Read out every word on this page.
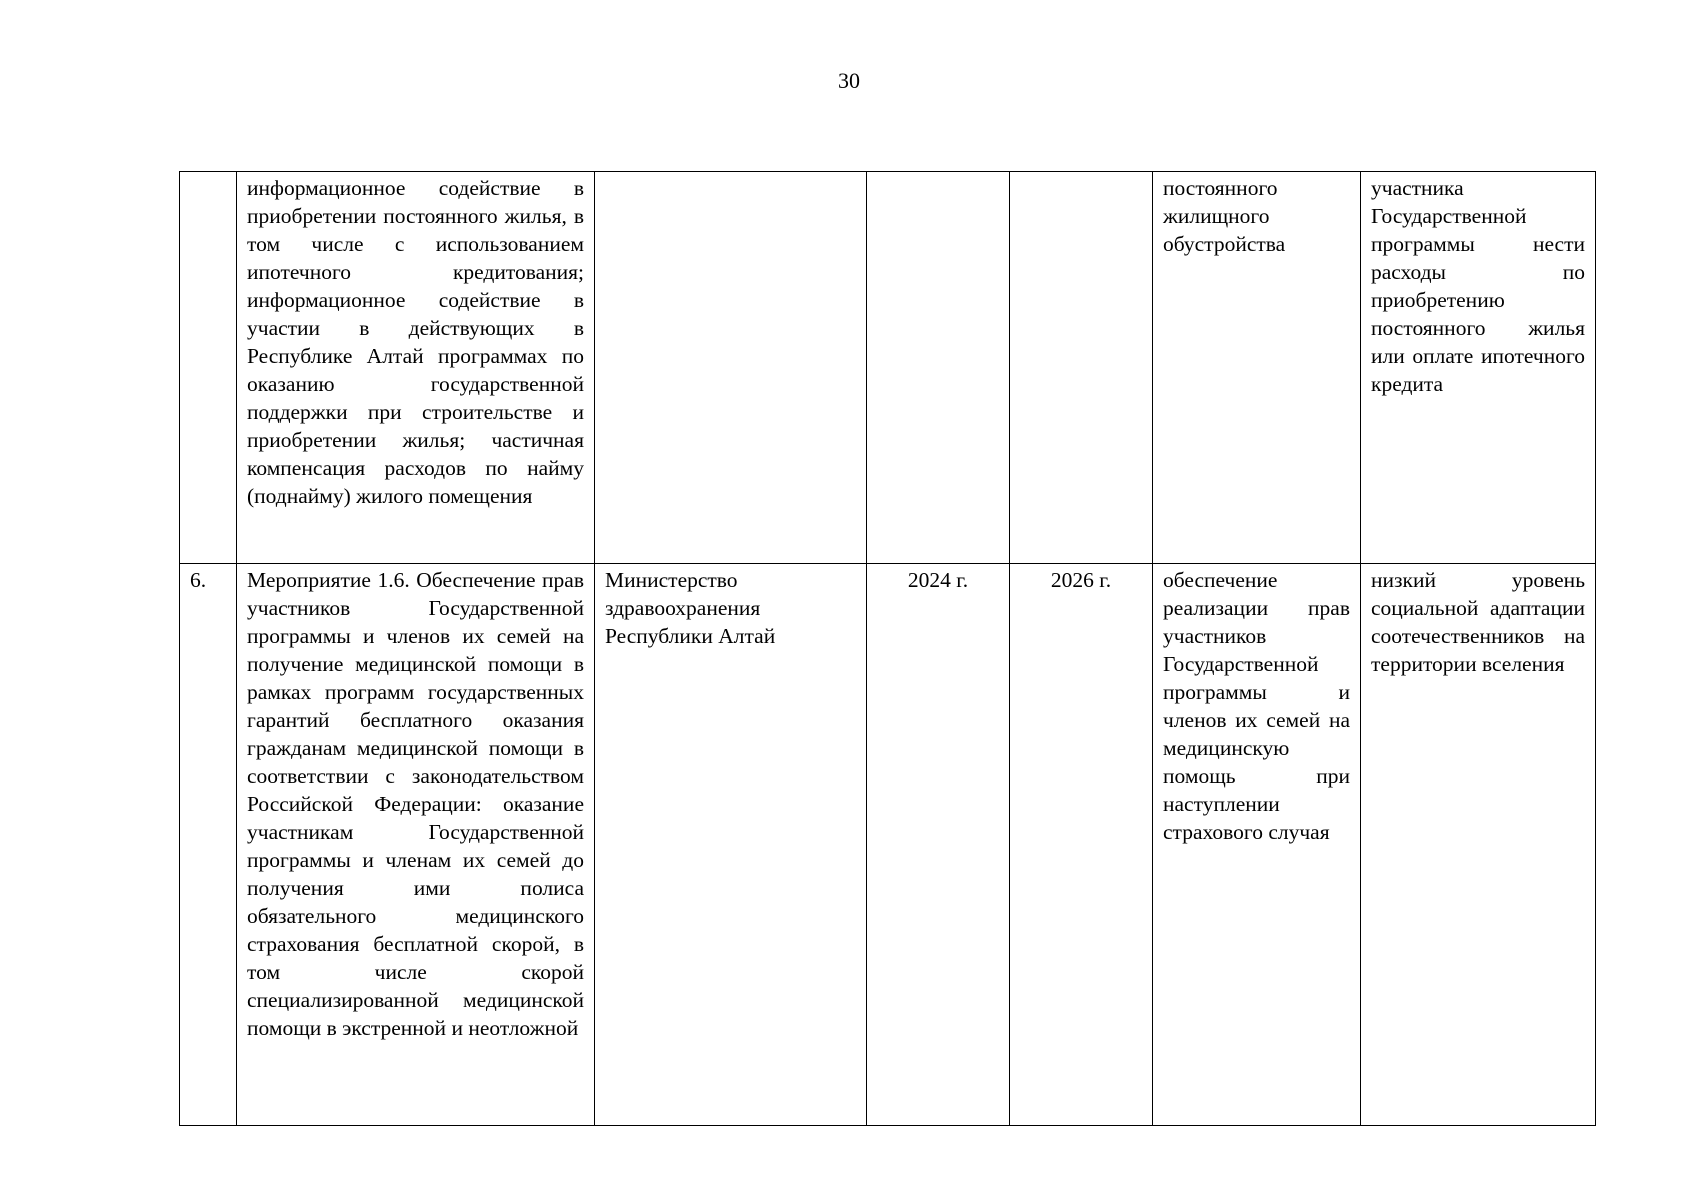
30
	информационное содействие в приобретении постоянного жилья, в том числе с использованием ипотечного кредитования; информационное содействие в участии в действующих в Республике Алтай программах по оказанию государственной поддержки при строительстве и приобретении жилья; частичная компенсация расходов по найму (поднайму) жилого помещения				постоянного жилищного обустройства	участника Государственной программы нести расходы по приобретению постоянного жилья или оплате ипотечного кредита
6.	Мероприятие 1.6. Обеспечение прав участников Государственной программы и членов их семей на получение медицинской помощи в рамках программ государственных гарантий бесплатного оказания гражданам медицинской помощи в соответствии с законодательством Российской Федерации: оказание участникам Государственной программы и членам их семей до получения ими полиса обязательного медицинского страхования бесплатной скорой, в том числе скорой специализированной медицинской помощи в экстренной и неотложной	Министерство здравоохранения Республики Алтай	2024 г.	2026 г.	обеспечение реализации прав участников Государственной программы и членов их семей на медицинскую помощь при наступлении страхового случая	низкий уровень социальной адаптации соотечественников на территории вселения
